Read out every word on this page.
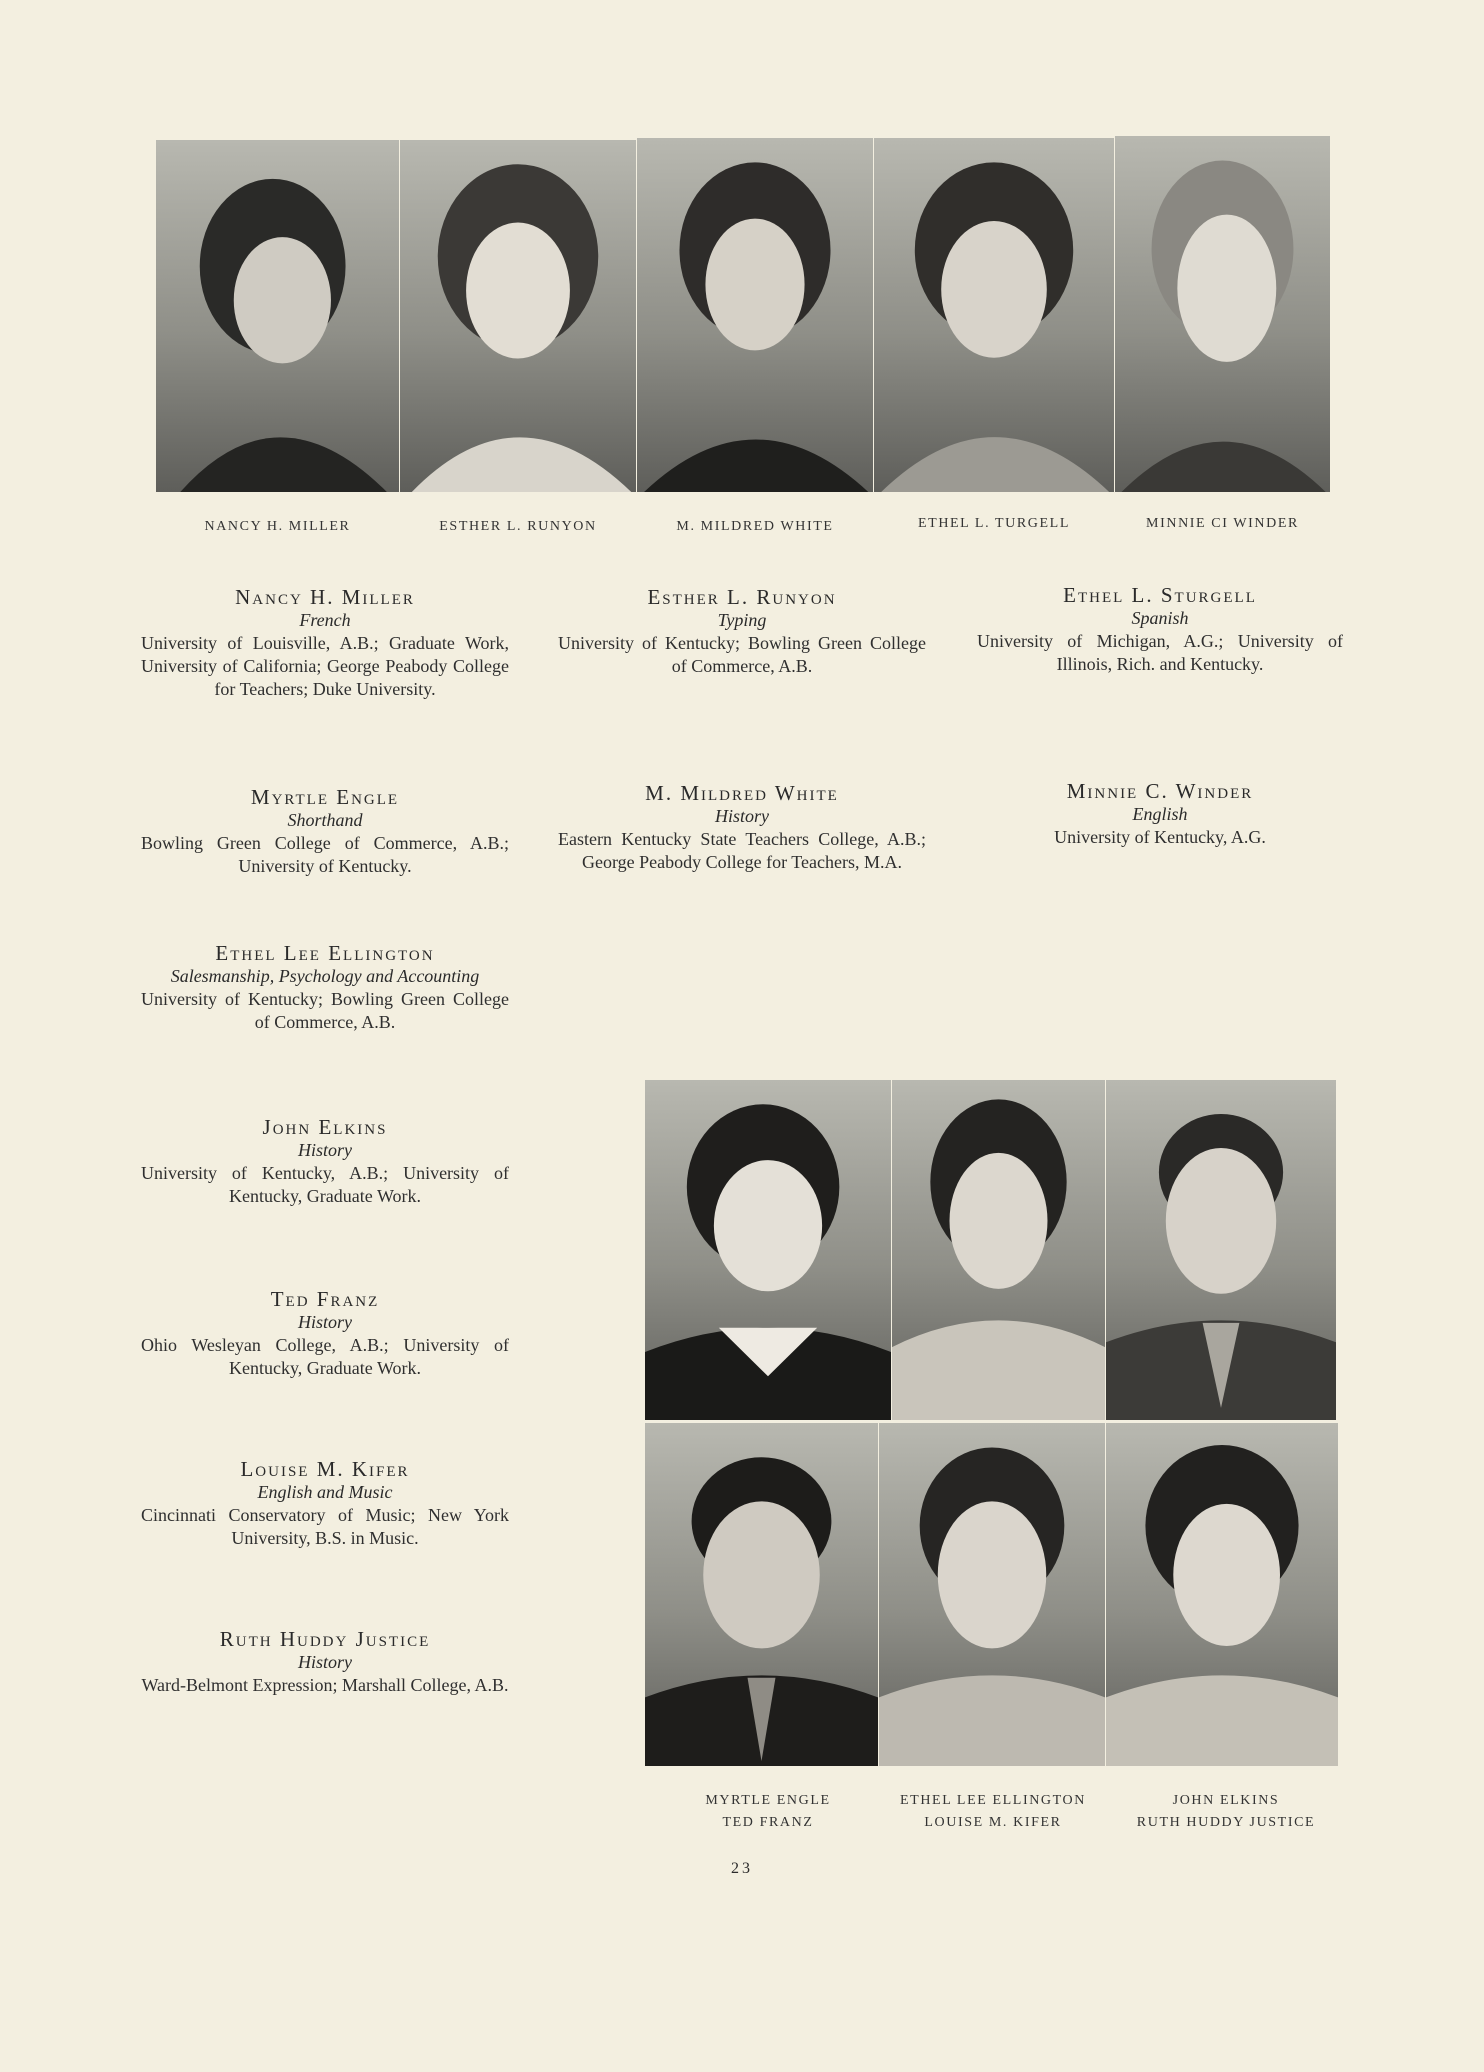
NANCY H. MILLER	ESTHER L. RUNYON	M. MILDRED WHITE	ETHEL L. TURGELL	MINNIE CI WINDER
Nancy H. Miller
French
University of Louisville, A.B.; Graduate Work, University of California; George Peabody College for Teachers; Duke University.
Esther L. Runyon
Typing
University of Kentucky; Bowling Green College of Commerce, A.B.
Ethel L. Sturgell
Spanish
University of Michigan, A.G.; University of Illinois, Rich. and Kentucky.
Myrtle Engle
Shorthand
Bowling Green College of Commerce, A.B.; University of Kentucky.
M. Mildred White
History
Eastern Kentucky State Teachers College, A.B.; George Peabody College for Teachers, M.A.
Minnie C. Winder
English
University of Kentucky, A.G.
Ethel Lee Ellington
Salesmanship, Psychology and Accounting
University of Kentucky; Bowling Green College of Commerce, A.B.
John Elkins
History
University of Kentucky, A.B.; University of Kentucky, Graduate Work.
Ted Franz
History
Ohio Wesleyan College, A.B.; University of Kentucky, Graduate Work.
Louise M. Kifer
English and Music
Cincinnati Conservatory of Music; New York University, B.S. in Music.
Ruth Huddy Justice
History
Ward-Belmont Expression; Marshall College, A.B.
MYRTLE ENGLE
TED FRANZ
ETHEL LEE ELLINGTON
LOUISE M. KIFER
JOHN ELKINS
RUTH HUDDY JUSTICE
23
